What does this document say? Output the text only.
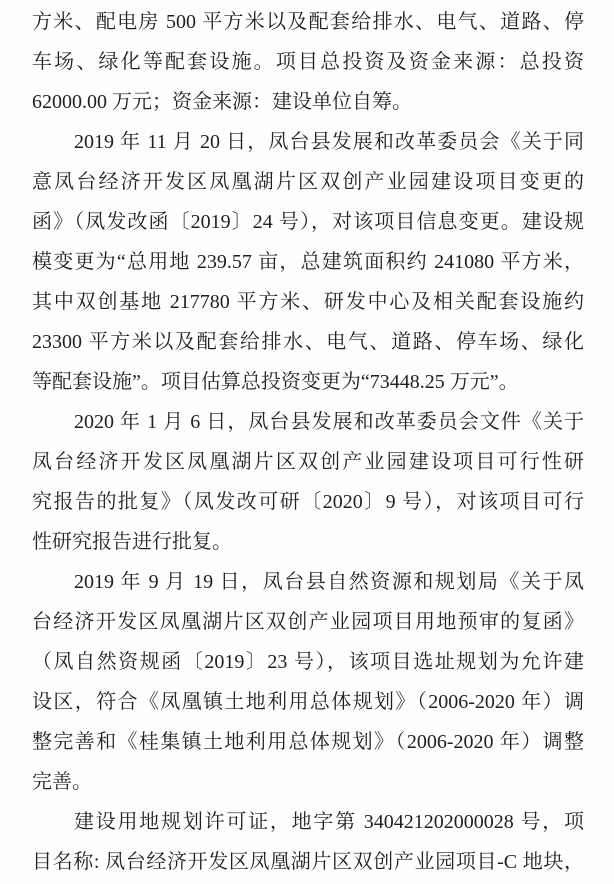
方米、配电房 500 平方米以及配套给排水、电气、道路、停
车场、绿化等配套设施。项目总投资及资金来源：总投资
62000.00 万元；资金来源：建设单位自筹。
2019 年 11 月 20 日，凤台县发展和改革委员会《关于同
意凤台经济开发区凤凰湖片区双创产业园建设项目变更的
函》（凤发改函〔2019〕24 号），对该项目信息变更。建设规
模变更为“总用地 239.57 亩，总建筑面积约 241080 平方米，
其中双创基地 217780 平方米、研发中心及相关配套设施约
23300 平方米以及配套给排水、电气、道路、停车场、绿化
等配套设施”。项目估算总投资变更为“73448.25 万元”。
2020 年 1 月 6 日，凤台县发展和改革委员会文件《关于
凤台经济开发区凤凰湖片区双创产业园建设项目可行性研
究报告的批复》（凤发改可研〔2020〕9 号），对该项目可行
性研究报告进行批复。
2019 年 9 月 19 日，凤台县自然资源和规划局《关于凤
台经济开发区凤凰湖片区双创产业园项目用地预审的复函》
（凤自然资规函〔2019〕23 号），该项目选址规划为允许建
设区，符合《凤凰镇土地利用总体规划》（2006-2020 年）调
整完善和《桂集镇土地利用总体规划》（2006-2020 年）调整
完善。
建设用地规划许可证，地字第 340421202000028 号，项
目名称: 凤台经济开发区凤凰湖片区双创产业园项目-C 地块，
